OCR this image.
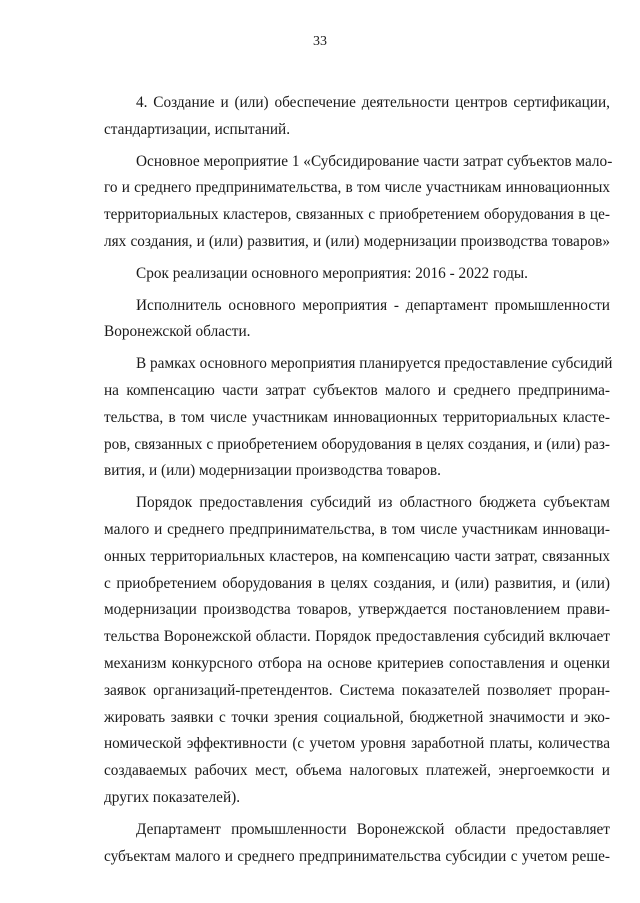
33
4. Создание и (или) обеспечение деятельности центров сертификации,
стандартизации, испытаний.
Основное мероприятие 1 «Субсидирование части затрат субъектов мало-
го и среднего предпринимательства, в том числе участникам инновационных
территориальных кластеров, связанных с приобретением оборудования в це-
лях создания, и (или) развития, и (или) модернизации производства товаров»
Срок реализации основного мероприятия: 2016 - 2022 годы.
Исполнитель основного мероприятия - департамент промышленности
Воронежской области.
В рамках основного мероприятия планируется предоставление субсидий
на компенсацию части затрат субъектов малого и среднего предпринима-
тельства, в том числе участникам инновационных территориальных класте-
ров, связанных с приобретением оборудования в целях создания, и (или) раз-
вития, и (или) модернизации производства товаров.
Порядок предоставления субсидий из областного бюджета субъектам
малого и среднего предпринимательства, в том числе участникам инноваци-
онных территориальных кластеров, на компенсацию части затрат, связанных
с приобретением оборудования в целях создания, и (или) развития, и (или)
модернизации производства товаров, утверждается постановлением прави-
тельства Воронежской области. Порядок предоставления субсидий включает
механизм конкурсного отбора на основе критериев сопоставления и оценки
заявок организаций-претендентов. Система показателей позволяет проран-
жировать заявки с точки зрения социальной, бюджетной значимости и эко-
номической эффективности (с учетом уровня заработной платы, количества
создаваемых рабочих мест, объема налоговых платежей, энергоемкости и
других показателей).
Департамент промышленности Воронежской области предоставляет
субъектам малого и среднего предпринимательства субсидии с учетом реше-
